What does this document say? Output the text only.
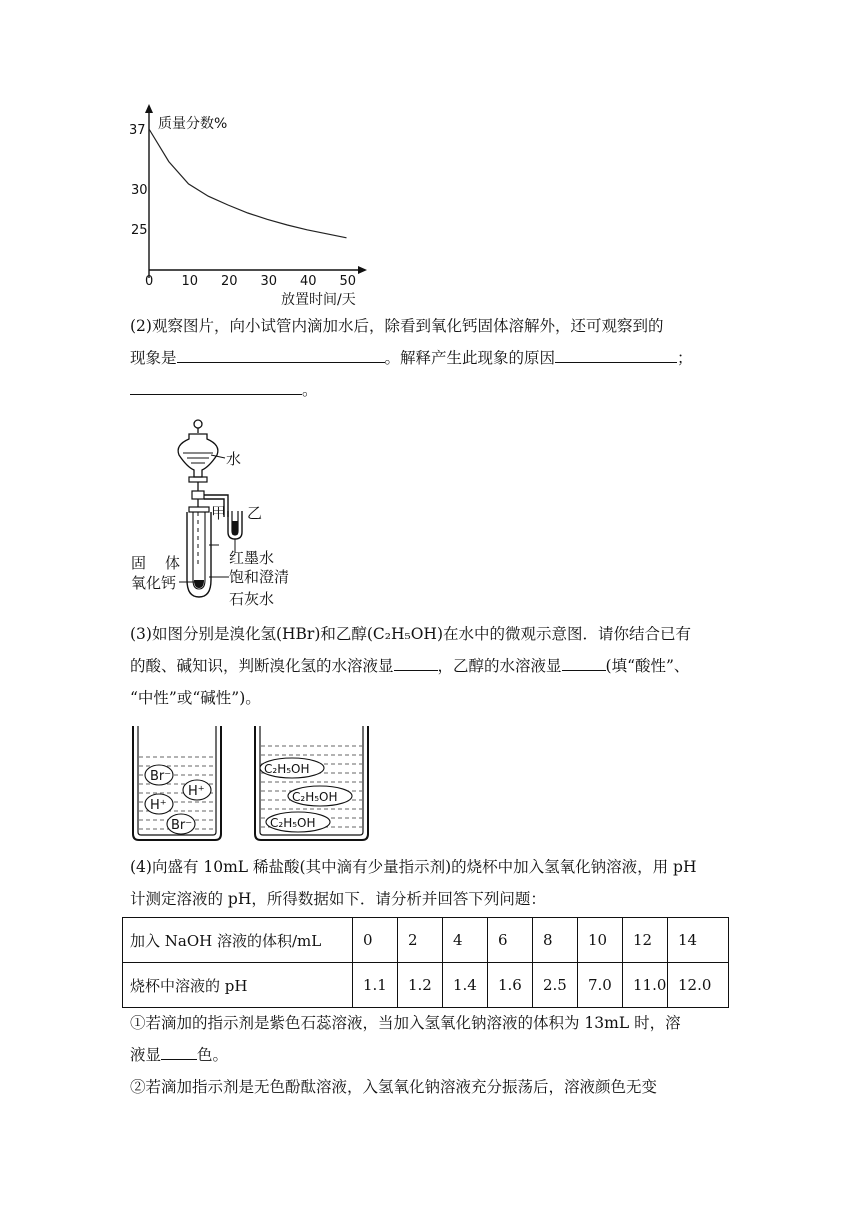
质量分数%
37
30
25
0 10 20 30 40 50
放置时间/天

(2)观察图片，向小试管内滴加水后，除看到氧化钙固体溶解外，还可观察到的
现象是	。解释产生此现象的原因	；
。

水
甲 乙
固 体	红墨水
氧化钙	饱和澄清
石灰水

(3)如图分别是溴化氢(HBr)和乙醇(C₂H₅OH)在水中的微观示意图．请你结合已有
的酸、碱知识，判断溴化氢的水溶液显	，乙醇的水溶液显	(填“酸性”、
“中性”或“碱性”)。

Br⁻
H⁺
H⁺
Br⁻
C₂H₅OH
C₂H₅OH
C₂H₅OH

(4)向盛有 10mL 稀盐酸(其中滴有少量指示剂)的烧杯中加入氢氧化钠溶液，用 pH
计测定溶液的 pH，所得数据如下．请分析并回答下列问题：

加入 NaOH 溶液的体积/mL	0	2	4	6	8	10	12	14
烧杯中溶液的 pH	1.1	1.2	1.4	1.6	2.5	7.0	11.0	12.0

①若滴加的指示剂是紫色石蕊溶液，当加入氢氧化钠溶液的体积为 13mL 时，溶
液显 色。
②若滴加指示剂是无色酚酞溶液，入氢氧化钠溶液充分振荡后，溶液颜色无变
